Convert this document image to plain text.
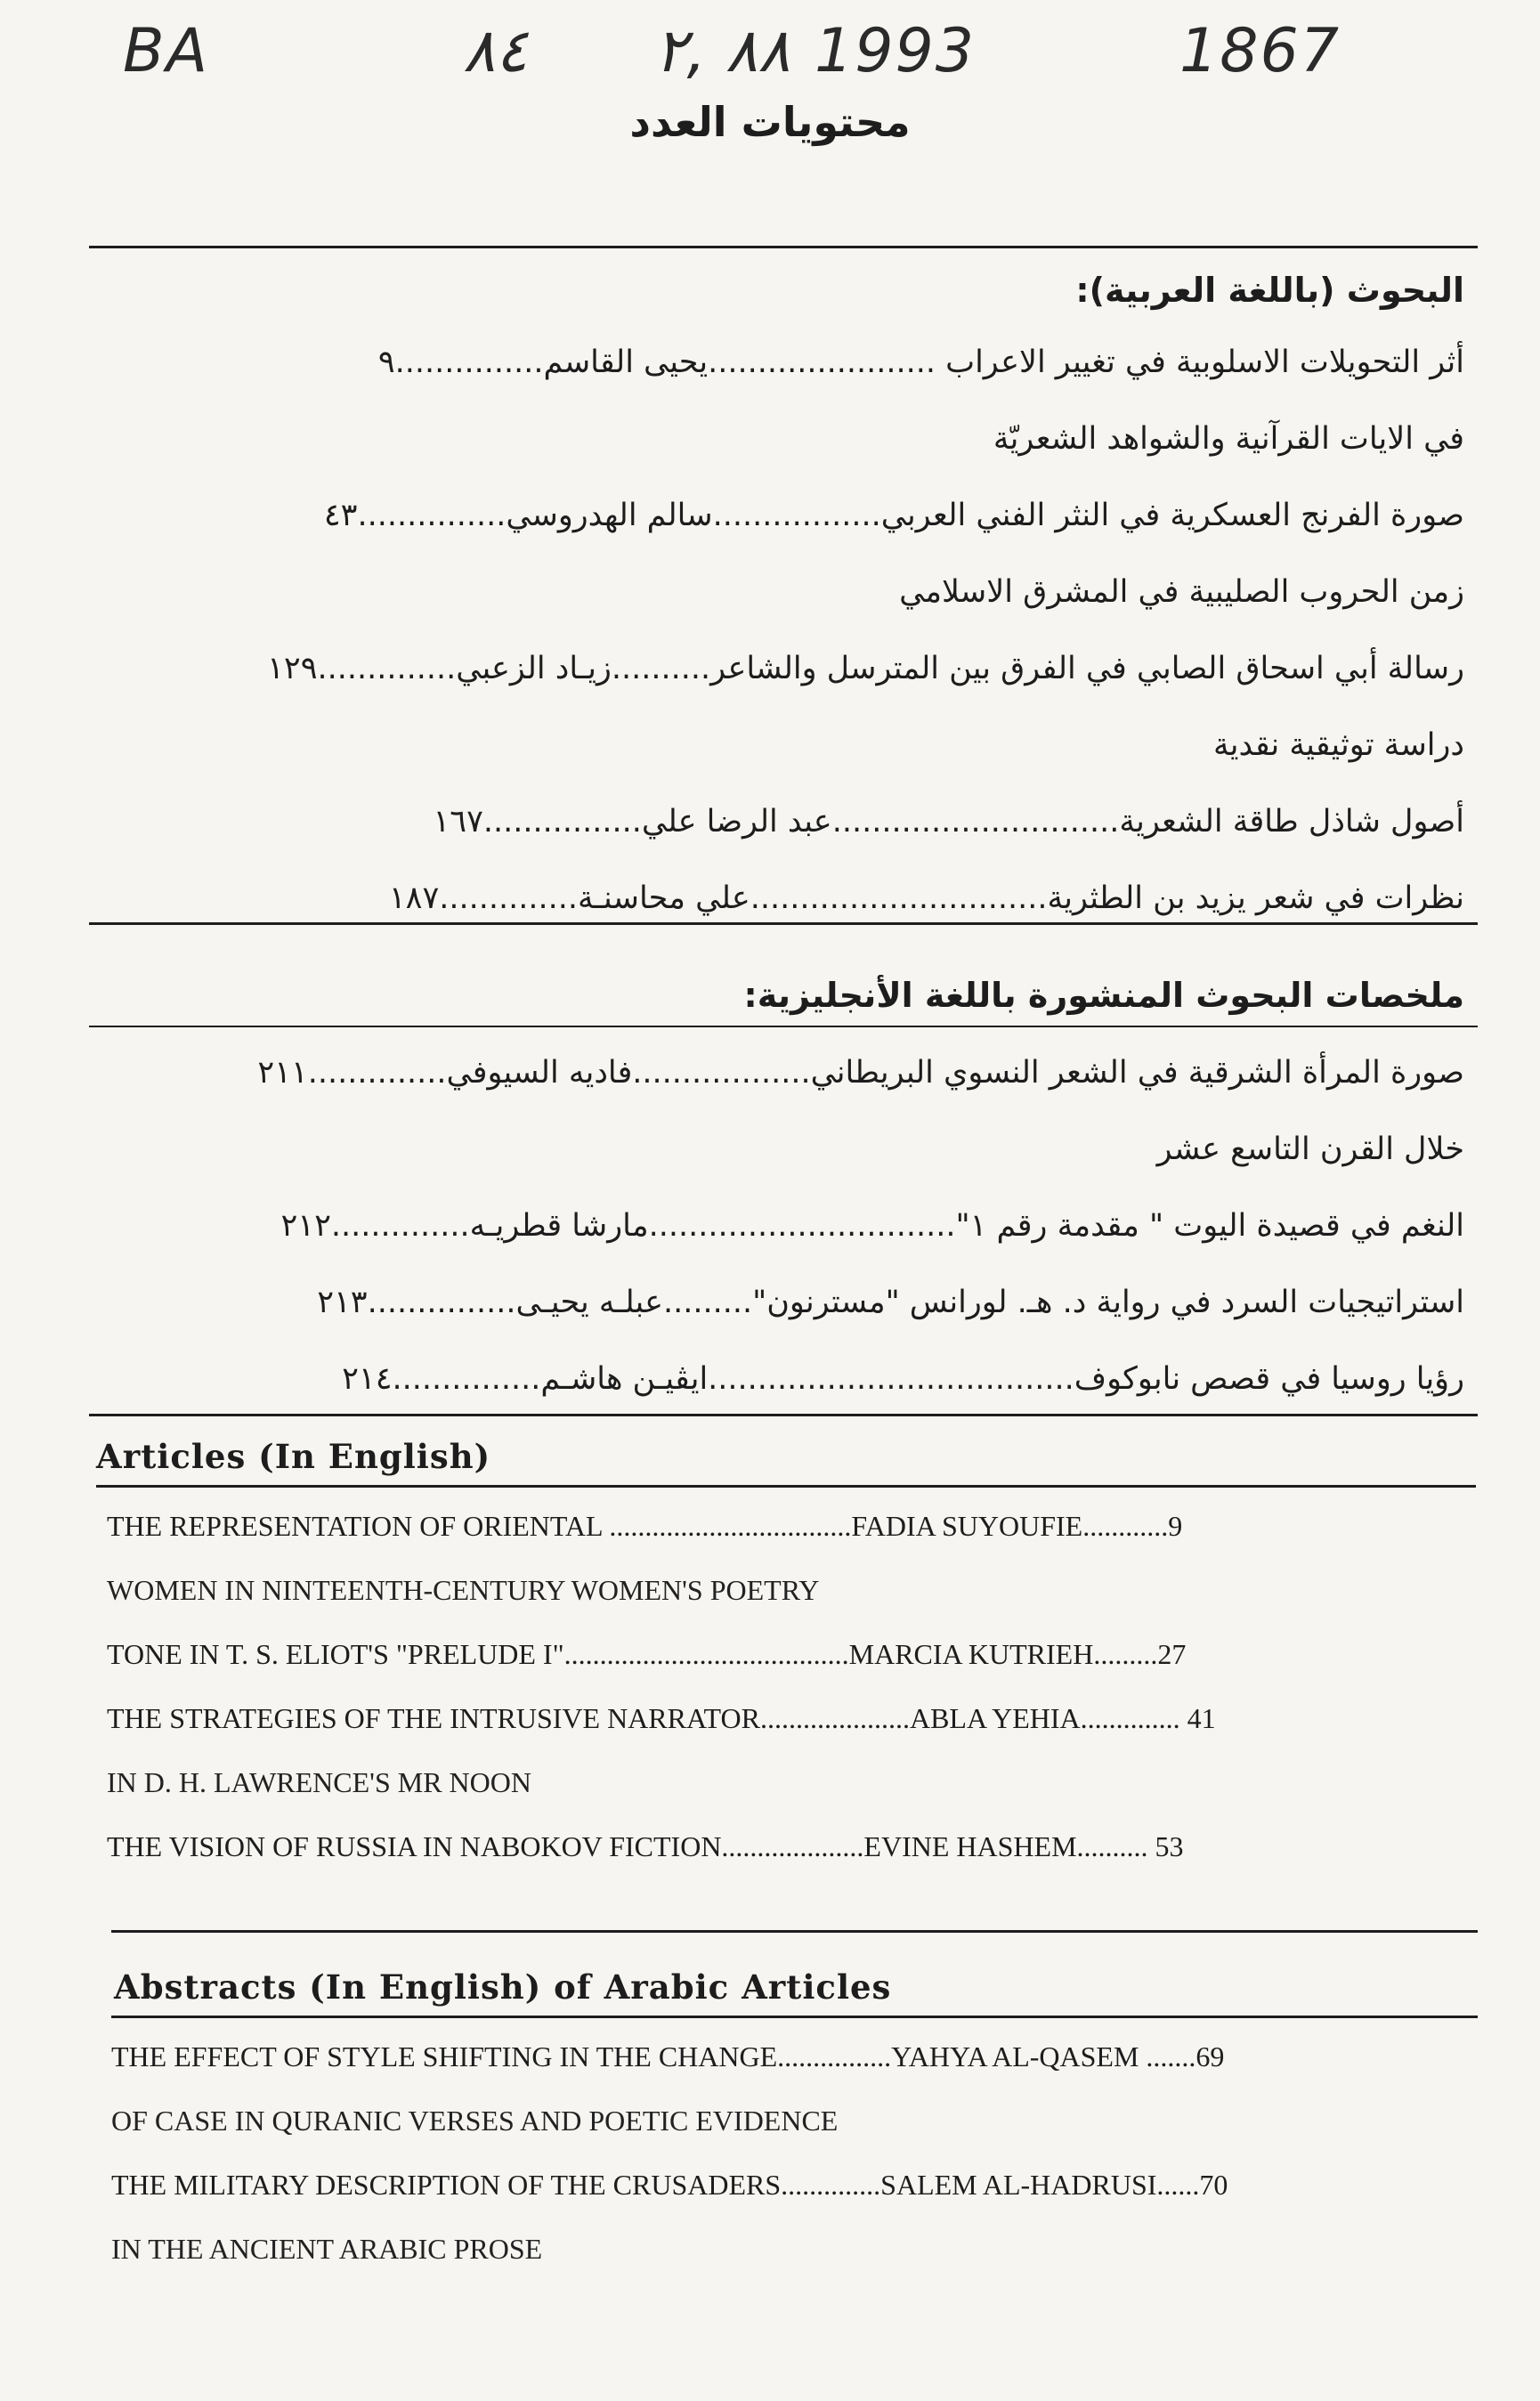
BA	٨٤ ٨٨ ,٢ 1993	1867
محتويات العدد
البحوث (باللغة العربية):
أثر التحويلات الاسلوبية في تغيير الاعراب .......................يحيى القاسم...............٩
في الايات القرآنية والشواهد الشعريّة
صورة الفرنج العسكرية في النثر الفني العربي.................سالم الهدروسي...............٤٣
زمن الحروب الصليبية في المشرق الاسلامي
رسالة أبي اسحاق الصابي في الفرق بين المترسل والشاعر..........زيـاد الزعبي..............١٢٩
دراسة توثيقية نقدية
أصول شاذل طاقة الشعرية.............................عبد الرضا علي................١٦٧
نظرات في شعر يزيد بن الطثرية..............................علي محاسنـة..............١٨٧
ملخصات البحوث المنشورة باللغة الأنجليزية:
صورة المرأة الشرقية في الشعر النسوي البريطاني..................فاديه السيوفي..............٢١١
خلال القرن التاسع عشر
النغم في قصيدة اليوت " مقدمة رقم ١"...............................مارشا قطريـه..............٢١٢
استراتيجيات السرد في رواية د. هـ. لورانس "مسترنون".........عبلـه يحيـى...............٢١٣
رؤيا روسيا في قصص نابوكوف.....................................ايڤيـن هاشـم...............٢١٤
Articles (In English)
THE REPRESENTATION OF ORIENTAL ..................................FADIA SUYOUFIE............9
WOMEN IN NINTEENTH-CENTURY WOMEN'S POETRY
TONE IN T. S. ELIOT'S "PRELUDE I"........................................MARCIA KUTRIEH.........27
THE STRATEGIES OF THE INTRUSIVE NARRATOR.....................ABLA YEHIA.............. 41
IN D. H. LAWRENCE'S MR NOON
THE VISION OF RUSSIA IN NABOKOV FICTION....................EVINE HASHEM.......... 53
Abstracts (In English) of Arabic Articles
THE EFFECT OF STYLE SHIFTING IN THE CHANGE................YAHYA AL-QASEM .......69
OF CASE IN QURANIC VERSES AND POETIC EVIDENCE
THE MILITARY DESCRIPTION OF THE CRUSADERS..............SALEM AL-HADRUSI......70
IN THE ANCIENT ARABIC PROSE
